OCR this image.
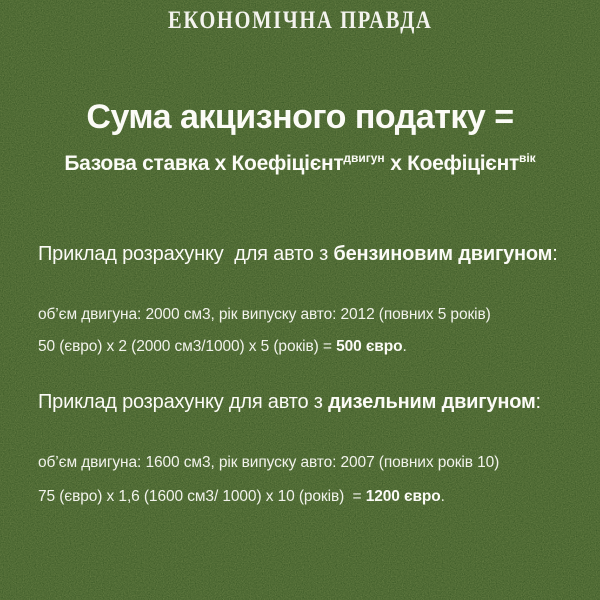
ЕКОНОМІЧНА ПРАВДА
Сума акцизного податку =
Базова ставка х Коефіцієнт$^{двигун}$ х Коефіцієнт$^{вік}$
Приклад розрахунку  для авто з бензиновим двигуном:
об’єм двигуна: 2000 см3, рік випуску авто: 2012 (повних 5 років)
50 (євро) х 2 (2000 см3/1000) х 5 (років) = 500 євро.
Приклад розрахунку для авто з дизельним двигуном:
об’єм двигуна: 1600 см3, рік випуску авто: 2007 (повних років 10)
75 (євро) х 1,6 (1600 см3/ 1000) х 10 (років)  = 1200 євро.
